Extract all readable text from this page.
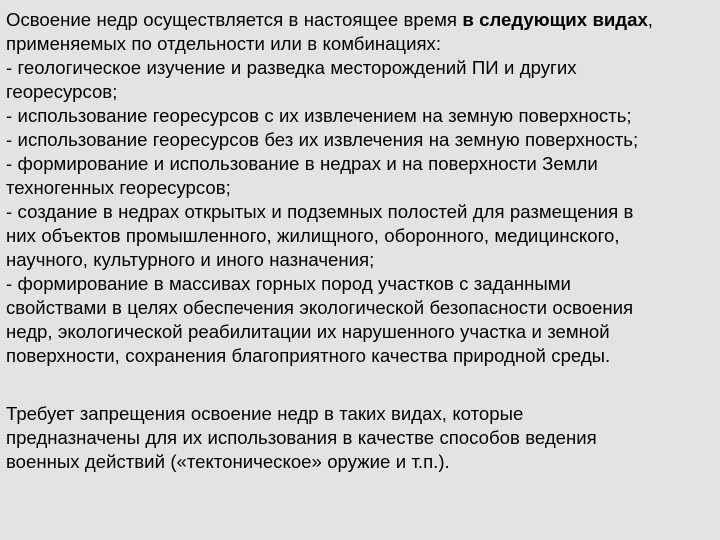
Освоение недр осуществляется в настоящее время в следующих видах,
применяемых по отдельности или в комбинациях:
- геологическое изучение и разведка месторождений ПИ и других
георесурсов;
- использование георесурсов с их извлечением на земную поверхность;
- использование георесурсов без их извлечения на земную поверхность;
- формирование и использование в недрах и на поверхности Земли
техногенных георесурсов;
- создание в недрах открытых и подземных полостей для размещения в
них объектов промышленного, жилищного, оборонного, медицинского,
научного, культурного и иного назначения;
- формирование в массивах горных пород участков с заданными
свойствами в целях обеспечения экологической безопасности освоения
недр, экологической реабилитации их нарушенного участка и земной
поверхности, сохранения благоприятного качества природной среды.
Требует запрещения освоение недр в таких видах, которые
предназначены для их использования в качестве способов ведения
военных действий («тектоническое» оружие и т.п.).
